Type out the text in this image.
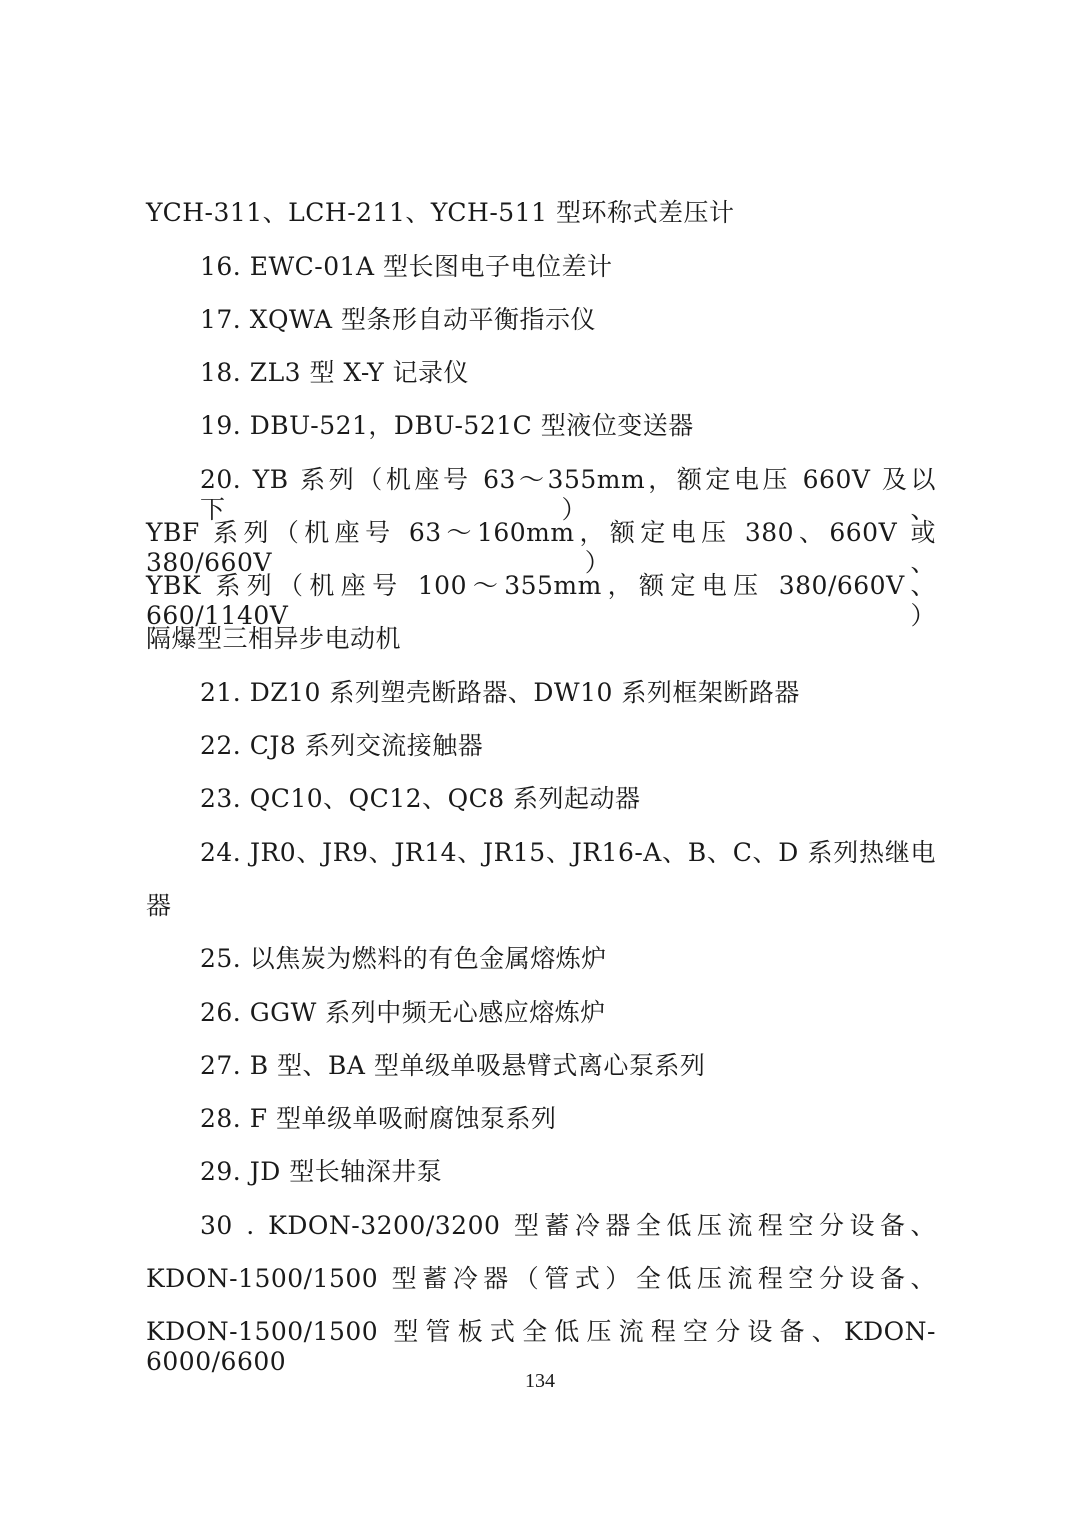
YCH-311、LCH-211、YCH-511 型环称式差压计
16. EWC-01A 型长图电子电位差计
17. XQWA 型条形自动平衡指示仪
18. ZL3 型 X-Y 记录仪
19. DBU-521，DBU-521C 型液位变送器
20. YB 系列（机座号 63～355mm，额定电压 660V 及以下）、
YBF 系列（机座号 63～160mm，额定电压 380、660V 或 380/660V）、
YBK 系列（机座号 100～355mm，额定电压 380/660V、660/1140V）
隔爆型三相异步电动机
21. DZ10 系列塑壳断路器、DW10 系列框架断路器
22. CJ8 系列交流接触器
23. QC10、QC12、QC8 系列起动器
24. JR0、JR9、JR14、JR15、JR16-A、B、C、D 系列热继电
器
25. 以焦炭为燃料的有色金属熔炼炉
26. GGW 系列中频无心感应熔炼炉
27. B 型、BA 型单级单吸悬臂式离心泵系列
28. F 型单级单吸耐腐蚀泵系列
29. JD 型长轴深井泵
30 . KDON-3200/3200 型蓄冷器全低压流程空分设备、
KDON-1500/1500 型蓄冷器（管式）全低压流程空分设备、
KDON-1500/1500 型管板式全低压流程空分设备、KDON-6000/6600
134
